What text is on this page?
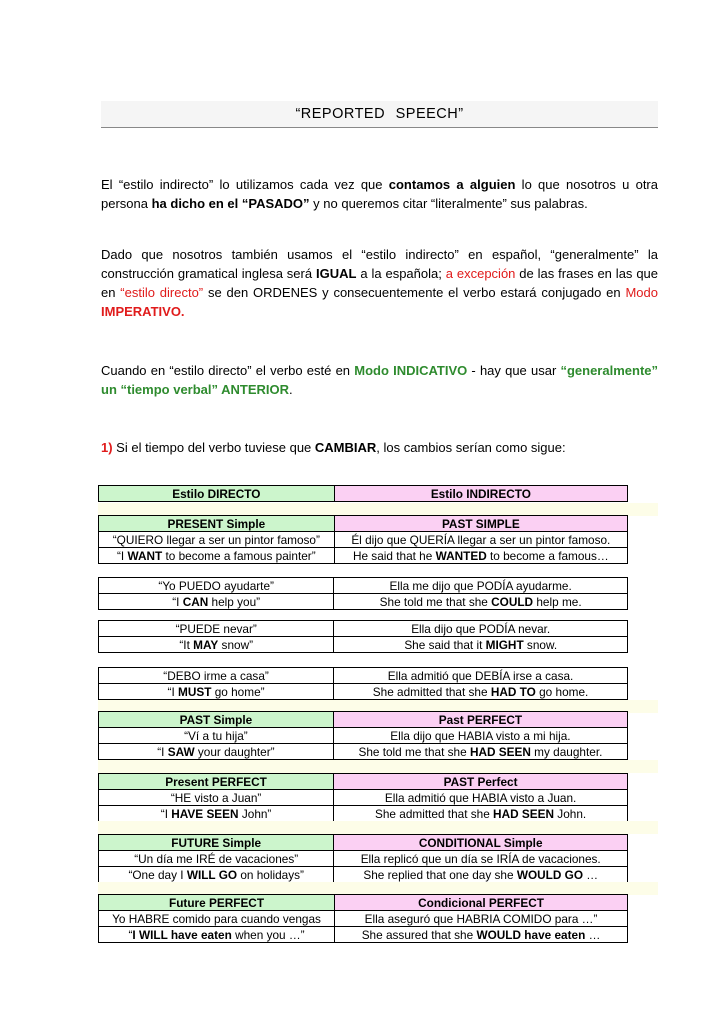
“REPORTED SPEECH”
El “estilo indirecto” lo utilizamos cada vez que contamos a alguien lo que nosotros u otra persona ha dicho en el “PASADO” y no queremos citar “literalmente” sus palabras.
Dado que nosotros también usamos el “estilo indirecto” en español, “generalmente” la construcción gramatical inglesa será IGUAL a la española; a excepción de las frases en las que en “estilo directo” se den ORDENES y consecuentemente el verbo estará conjugado en Modo IMPERATIVO.
Cuando en “estilo directo” el verbo esté en Modo INDICATIVO - hay que usar “generalmente” un “tiempo verbal” ANTERIOR.
1) Si el tiempo del verbo tuviese que CAMBIAR, los cambios serían como sigue:
Estilo DIRECTO	Estilo INDIRECTO
PRESENT Simple	PAST SIMPLE
“QUIERO llegar a ser un pintor famoso”	Él dijo que QUERÍA llegar a ser un pintor famoso.
“I WANT to become a famous painter”	He said that he WANTED to become a famous…
“Yo PUEDO ayudarte”	Ella me dijo que PODÍA ayudarme.
“I CAN help you”	She told me that she COULD help me.
“PUEDE nevar”	Ella dijo que PODÍA nevar.
“It MAY snow”	She said that it MIGHT snow.
“DEBO irme a casa”	Ella admitió que DEBÍA irse a casa.
“I MUST go home”	She admitted that she HAD TO go home.
PAST Simple	Past PERFECT
“Ví a tu hija”	Ella dijo que HABIA visto a mi hija.
“I SAW your daughter”	She told me that she HAD SEEN my daughter.
Present PERFECT	PAST Perfect
“HE visto a Juan”	Ella admitió que HABIA visto a Juan.
“I HAVE SEEN John”	She admitted that she HAD SEEN John.
FUTURE Simple	CONDITIONAL Simple
“Un día me IRÉ de vacaciones”	Ella replicó que un día se IRÍA de vacaciones.
“One day I WILL GO on holidays”	She replied that one day she WOULD GO …
Future PERFECT	Condicional PERFECT
Yo HABRE comido para cuando vengas	Ella aseguró que HABRIA COMIDO para …”
“I WILL have eaten when you …”	She assured that she WOULD have eaten …
